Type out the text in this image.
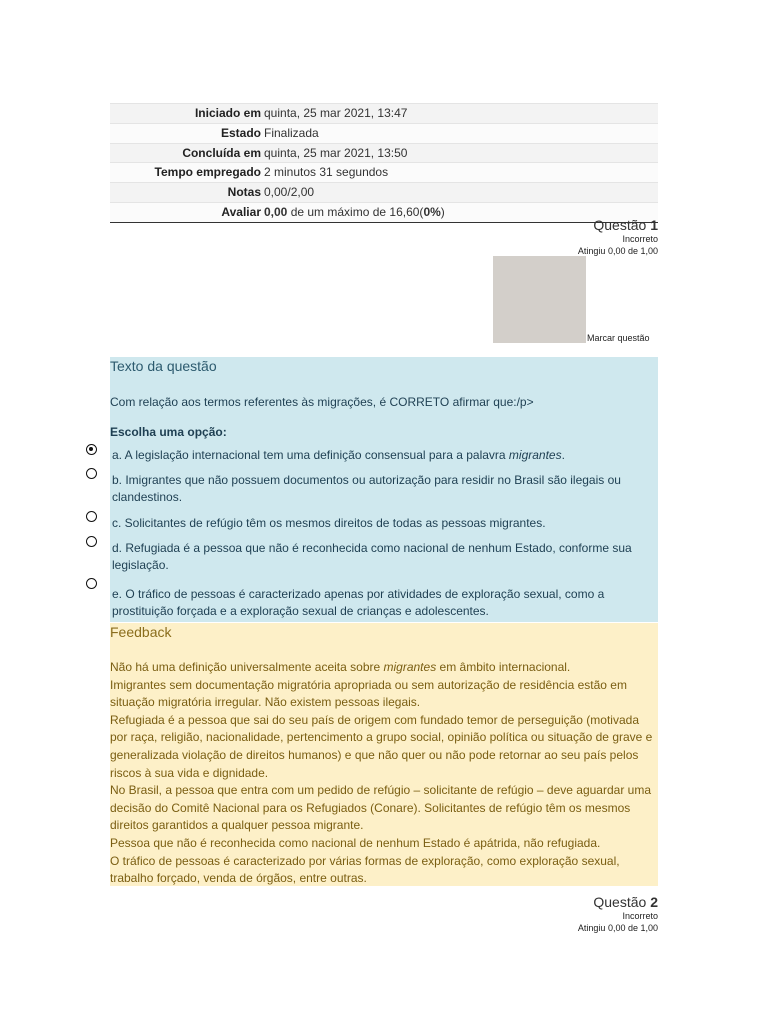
Iniciado em quinta, 25 mar 2021, 13:47
Estado Finalizada
Concluída em quinta, 25 mar 2021, 13:50
Tempo empregado 2 minutos 31 segundos
Notas 0,00/2,00
Avaliar 0,00 de um máximo de 16,60(0%)
Questão 1
Incorreto
Atingiu 0,00 de 1,00
Marcar questão
Texto da questão
Com relação aos termos referentes às migrações, é CORRETO afirmar que:/p>
Escolha uma opção:
a. A legislação internacional tem uma definição consensual para a palavra migrantes.
b. Imigrantes que não possuem documentos ou autorização para residir no Brasil são ilegais ou clandestinos.
c. Solicitantes de refúgio têm os mesmos direitos de todas as pessoas migrantes.
d. Refugiada é a pessoa que não é reconhecida como nacional de nenhum Estado, conforme sua legislação.
e. O tráfico de pessoas é caracterizado apenas por atividades de exploração sexual, como a prostituição forçada e a exploração sexual de crianças e adolescentes.
Feedback

Não há uma definição universalmente aceita sobre migrantes em âmbito internacional.

Imigrantes sem documentação migratória apropriada ou sem autorização de residência estão em situação migratória irregular. Não existem pessoas ilegais.

Refugiada é a pessoa que sai do seu país de origem com fundado temor de perseguição (motivada por raça, religião, nacionalidade, pertencimento a grupo social, opinião política ou situação de grave e generalizada violação de direitos humanos) e que não quer ou não pode retornar ao seu país pelos riscos à sua vida e dignidade.

No Brasil, a pessoa que entra com um pedido de refúgio – solicitante de refúgio – deve aguardar uma decisão do Comitê Nacional para os Refugiados (Conare). Solicitantes de refúgio têm os mesmos direitos garantidos a qualquer pessoa migrante.

Pessoa que não é reconhecida como nacional de nenhum Estado é apátrida, não refugiada.

O tráfico de pessoas é caracterizado por várias formas de exploração, como exploração sexual, trabalho forçado, venda de órgãos, entre outras.

Questão 2
Incorreto
Atingiu 0,00 de 1,00
